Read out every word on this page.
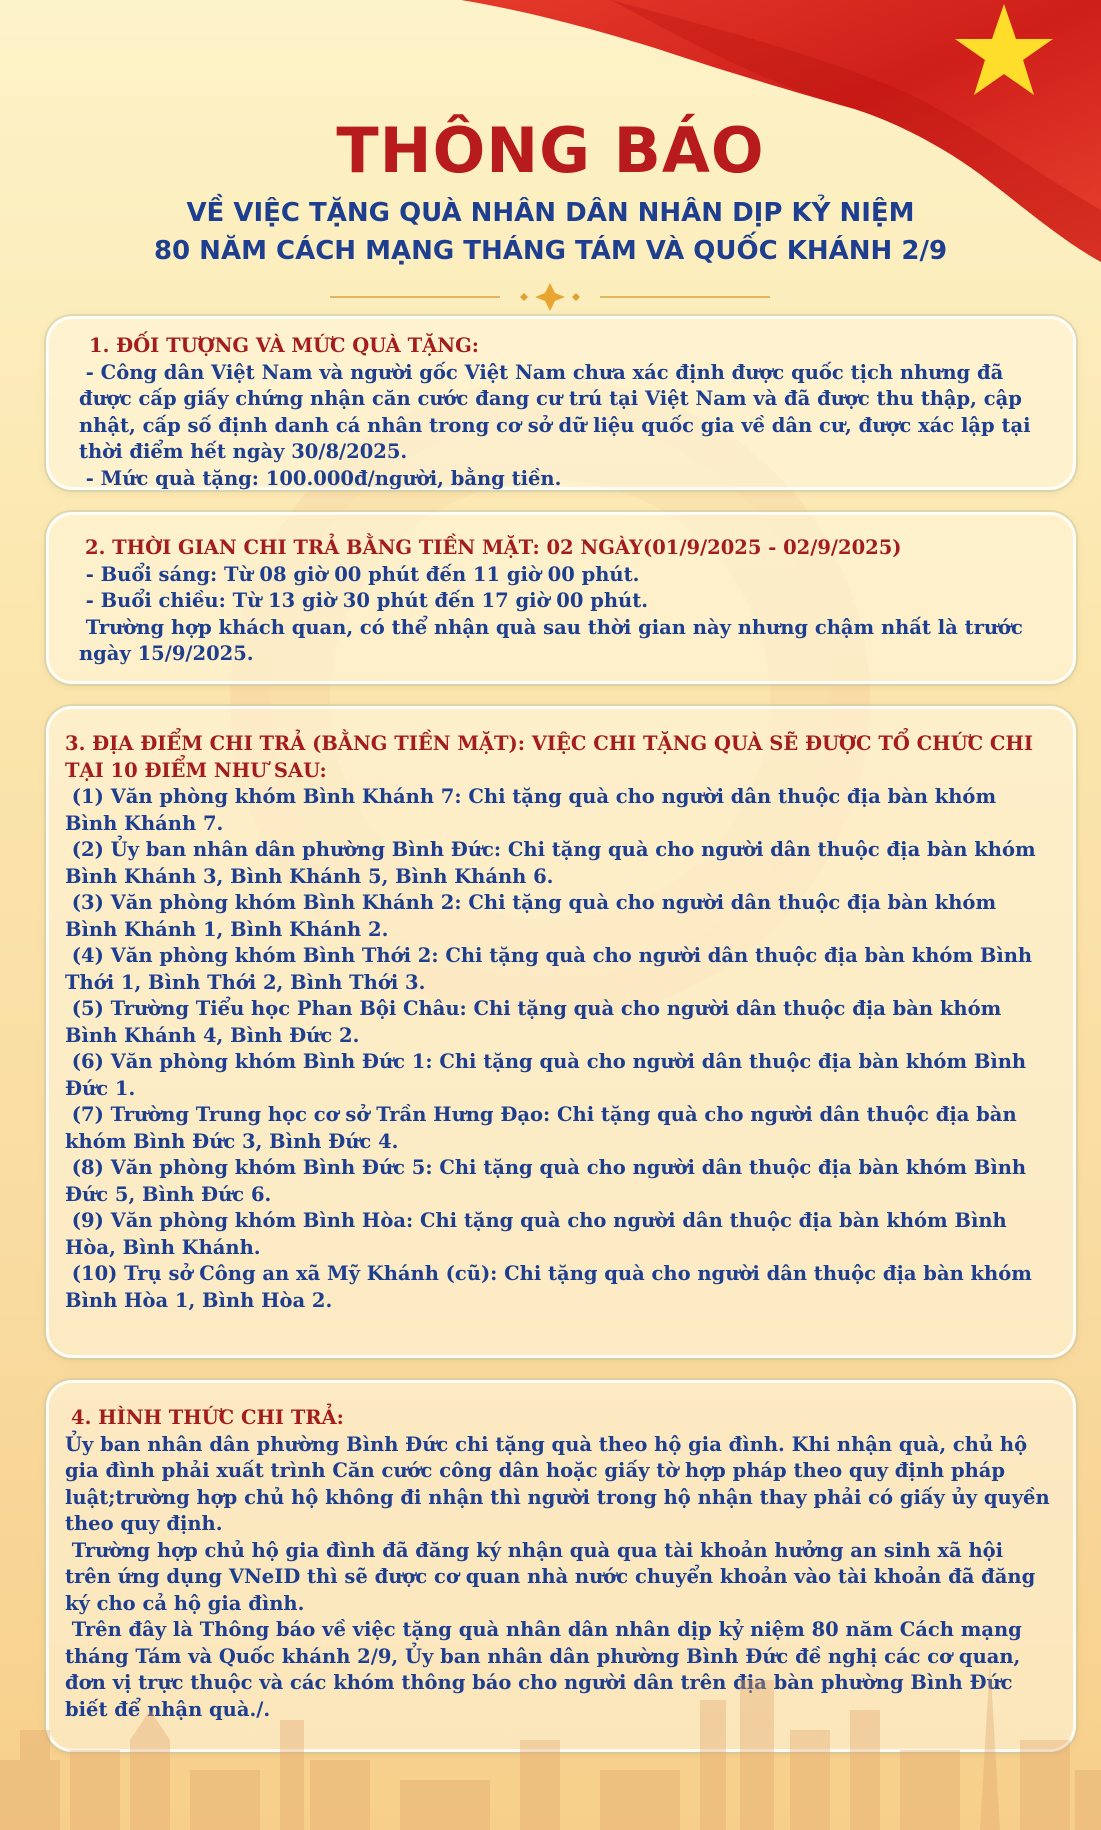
THÔNG BÁO
VỀ VIỆC TẶNG QUÀ NHÂN DÂN NHÂN DỊP KỶ NIỆM
80 NĂM CÁCH MẠNG THÁNG TÁM VÀ QUỐC KHÁNH 2/9
1. ĐỐI TƯỢNG VÀ MỨC QUÀ TẶNG:

- Công dân Việt Nam và người gốc Việt Nam chưa xác định được quốc tịch nhưng đã được cấp giấy chứng nhận căn cước đang cư trú tại Việt Nam và đã được thu thập, cập nhật, cấp số định danh cá nhân trong cơ sở dữ liệu quốc gia về dân cư, được xác lập tại thời điểm hết ngày 30/8/2025.

- Mức quà tặng: 100.000đ/người, bằng tiền.

2. THỜI GIAN CHI TRẢ BẰNG TIỀN MẶT: 02 NGÀY(01/9/2025 - 02/9/2025)

- Buổi sáng: Từ 08 giờ 00 phút đến 11 giờ 00 phút.

- Buổi chiều: Từ 13 giờ 30 phút đến 17 giờ 00 phút.

Trường hợp khách quan, có thể nhận quà sau thời gian này nhưng chậm nhất là trước ngày 15/9/2025.

3. ĐỊA ĐIỂM CHI TRẢ (BẰNG TIỀN MẶT): VIỆC CHI TẶNG QUÀ SẼ ĐƯỢC TỔ CHỨC CHI TẠI 10 ĐIỂM NHƯ SAU:

(1) Văn phòng khóm Bình Khánh 7: Chi tặng quà cho người dân thuộc địa bàn khóm Bình Khánh 7.

(2) Ủy ban nhân dân phường Bình Đức: Chi tặng quà cho người dân thuộc địa bàn khóm Bình Khánh 3, Bình Khánh 5, Bình Khánh 6.

(3) Văn phòng khóm Bình Khánh 2: Chi tặng quà cho người dân thuộc địa bàn khóm Bình Khánh 1, Bình Khánh 2.

(4) Văn phòng khóm Bình Thới 2: Chi tặng quà cho người dân thuộc địa bàn khóm Bình Thới 1, Bình Thới 2, Bình Thới 3.

(5) Trường Tiểu học Phan Bội Châu: Chi tặng quà cho người dân thuộc địa bàn khóm Bình Khánh 4, Bình Đức 2.

(6) Văn phòng khóm Bình Đức 1: Chi tặng quà cho người dân thuộc địa bàn khóm Bình Đức 1.

(7) Trường Trung học cơ sở Trần Hưng Đạo: Chi tặng quà cho người dân thuộc địa bàn khóm Bình Đức 3, Bình Đức 4.

(8) Văn phòng khóm Bình Đức 5: Chi tặng quà cho người dân thuộc địa bàn khóm Bình Đức 5, Bình Đức 6.

(9) Văn phòng khóm Bình Hòa: Chi tặng quà cho người dân thuộc địa bàn khóm Bình Hòa, Bình Khánh.

(10) Trụ sở Công an xã Mỹ Khánh (cũ): Chi tặng quà cho người dân thuộc địa bàn khóm Bình Hòa 1, Bình Hòa 2.

4. HÌNH THỨC CHI TRẢ:

Ủy ban nhân dân phường Bình Đức chi tặng quà theo hộ gia đình. Khi nhận quà, chủ hộ gia đình phải xuất trình Căn cước công dân hoặc giấy tờ hợp pháp theo quy định pháp luật;trường hợp chủ hộ không đi nhận thì người trong hộ nhận thay phải có giấy ủy quyền theo quy định.

Trường hợp chủ hộ gia đình đã đăng ký nhận quà qua tài khoản hưởng an sinh xã hội trên ứng dụng VNeID thì sẽ được cơ quan nhà nước chuyển khoản vào tài khoản đã đăng ký cho cả hộ gia đình.

Trên đây là Thông báo về việc tặng quà nhân dân nhân dịp kỷ niệm 80 năm Cách mạng tháng Tám và Quốc khánh 2/9, Ủy ban nhân dân phường Bình Đức đề nghị các cơ quan, đơn vị trực thuộc và các khóm thông báo cho người dân trên địa bàn phường Bình Đức biết để nhận quà./.
